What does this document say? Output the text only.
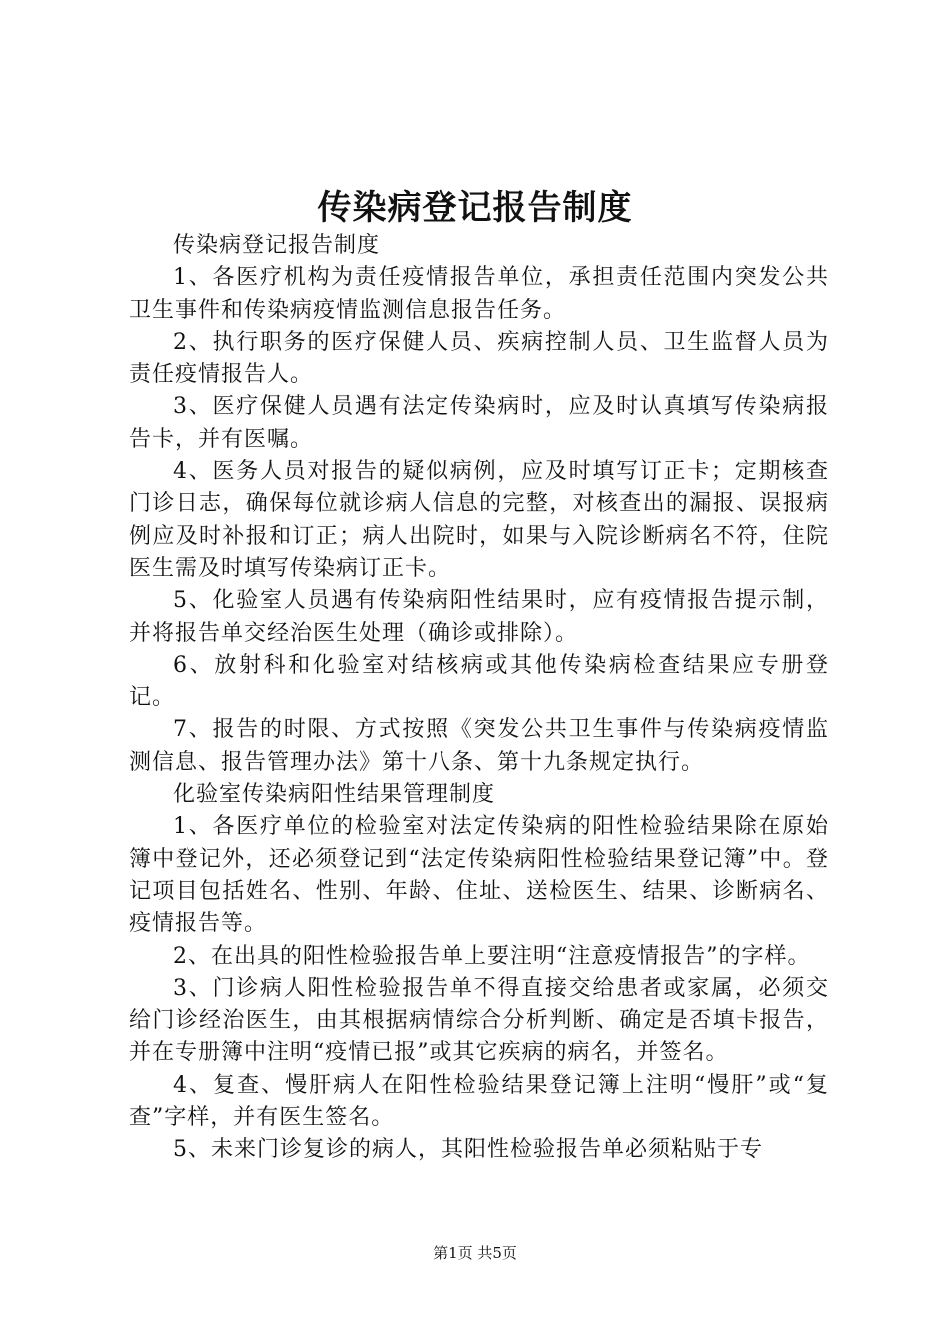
传染病登记报告制度

传染病登记报告制度

1、各医疗机构为责任疫情报告单位，承担责任范围内突发公共卫生事件和传染病疫情监测信息报告任务。

2、执行职务的医疗保健人员、疾病控制人员、卫生监督人员为责任疫情报告人。

3、医疗保健人员遇有法定传染病时，应及时认真填写传染病报告卡，并有医嘱。

4、医务人员对报告的疑似病例，应及时填写订正卡；定期核查门诊日志，确保每位就诊病人信息的完整，对核查出的漏报、误报病例应及时补报和订正；病人出院时，如果与入院诊断病名不符，住院医生需及时填写传染病订正卡。

5、化验室人员遇有传染病阳性结果时，应有疫情报告提示制，并将报告单交经治医生处理（确诊或排除）。

6、放射科和化验室对结核病或其他传染病检查结果应专册登记。

7、报告的时限、方式按照《突发公共卫生事件与传染病疫情监测信息、报告管理办法》第十八条、第十九条规定执行。

化验室传染病阳性结果管理制度

1、各医疗单位的检验室对法定传染病的阳性检验结果除在原始簿中登记外，还必须登记到“法定传染病阳性检验结果登记簿”中。登记项目包括姓名、性别、年龄、住址、送检医生、结果、诊断病名、疫情报告等。

2、在出具的阳性检验报告单上要注明“注意疫情报告”的字样。

3、门诊病人阳性检验报告单不得直接交给患者或家属，必须交给门诊经治医生，由其根据病情综合分析判断、确定是否填卡报告，并在专册簿中注明“疫情已报”或其它疾病的病名，并签名。

4、复查、慢肝病人在阳性检验结果登记簿上注明“慢肝”或“复查”字样，并有医生签名。

5、未来门诊复诊的病人，其阳性检验报告单必须粘贴于专

第1页 共5页
